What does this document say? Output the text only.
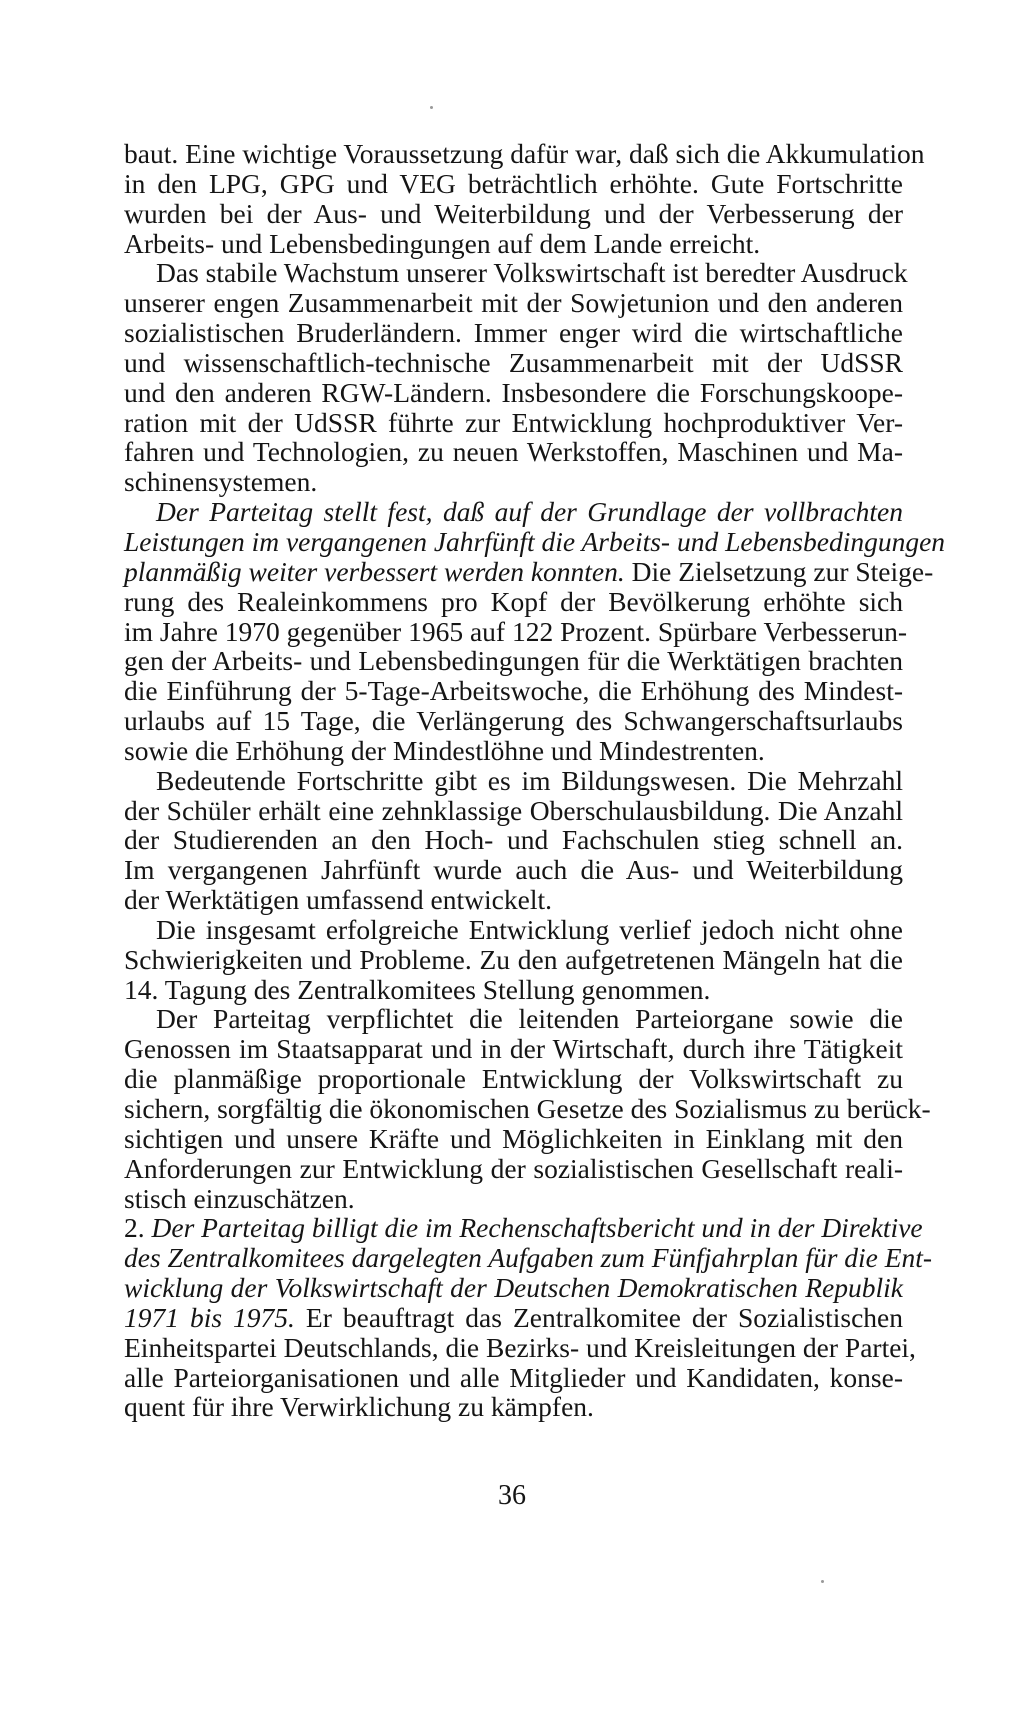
baut. Eine wichtige Voraussetzung dafür war, daß sich die Akkumulation
in den LPG, GPG und VEG beträchtlich erhöhte. Gute Fortschritte
wurden bei der Aus- und Weiterbildung und der Verbesserung der
Arbeits- und Lebensbedingungen auf dem Lande erreicht.
Das stabile Wachstum unserer Volkswirtschaft ist beredter Ausdruck
unserer engen Zusammenarbeit mit der Sowjetunion und den anderen
sozialistischen Bruderländern. Immer enger wird die wirtschaftliche
und wissenschaftlich-technische Zusammenarbeit mit der UdSSR
und den anderen RGW-Ländern. Insbesondere die Forschungskoope-
ration mit der UdSSR führte zur Entwicklung hochproduktiver Ver-
fahren und Technologien, zu neuen Werkstoffen, Maschinen und Ma-
schinensystemen.
Der Parteitag stellt fest, daß auf der Grundlage der vollbrachten
Leistungen im vergangenen Jahrfünft die Arbeits- und Lebensbedingungen
planmäßig weiter verbessert werden konnten. Die Zielsetzung zur Steige-
rung des Realeinkommens pro Kopf der Bevölkerung erhöhte sich
im Jahre 1970 gegenüber 1965 auf 122 Prozent. Spürbare Verbesserun-
gen der Arbeits- und Lebensbedingungen für die Werktätigen brachten
die Einführung der 5-Tage-Arbeitswoche, die Erhöhung des Mindest-
urlaubs auf 15 Tage, die Verlängerung des Schwangerschaftsurlaubs
sowie die Erhöhung der Mindestlöhne und Mindestrenten.
Bedeutende Fortschritte gibt es im Bildungswesen. Die Mehrzahl
der Schüler erhält eine zehnklassige Oberschulausbildung. Die Anzahl
der Studierenden an den Hoch- und Fachschulen stieg schnell an.
Im vergangenen Jahrfünft wurde auch die Aus- und Weiterbildung
der Werktätigen umfassend entwickelt.
Die insgesamt erfolgreiche Entwicklung verlief jedoch nicht ohne
Schwierigkeiten und Probleme. Zu den aufgetretenen Mängeln hat die
14. Tagung des Zentralkomitees Stellung genommen.
Der Parteitag verpflichtet die leitenden Parteiorgane sowie die
Genossen im Staatsapparat und in der Wirtschaft, durch ihre Tätigkeit
die planmäßige proportionale Entwicklung der Volkswirtschaft zu
sichern, sorgfältig die ökonomischen Gesetze des Sozialismus zu berück-
sichtigen und unsere Kräfte und Möglichkeiten in Einklang mit den
Anforderungen zur Entwicklung der sozialistischen Gesellschaft reali-
stisch einzuschätzen.
2. Der Parteitag billigt die im Rechenschaftsbericht und in der Direktive
des Zentralkomitees dargelegten Aufgaben zum Fünfjahrplan für die Ent-
wicklung der Volkswirtschaft der Deutschen Demokratischen Republik
1971 bis 1975. Er beauftragt das Zentralkomitee der Sozialistischen
Einheitspartei Deutschlands, die Bezirks- und Kreisleitungen der Partei,
alle Parteiorganisationen und alle Mitglieder und Kandidaten, konse-
quent für ihre Verwirklichung zu kämpfen.
36
